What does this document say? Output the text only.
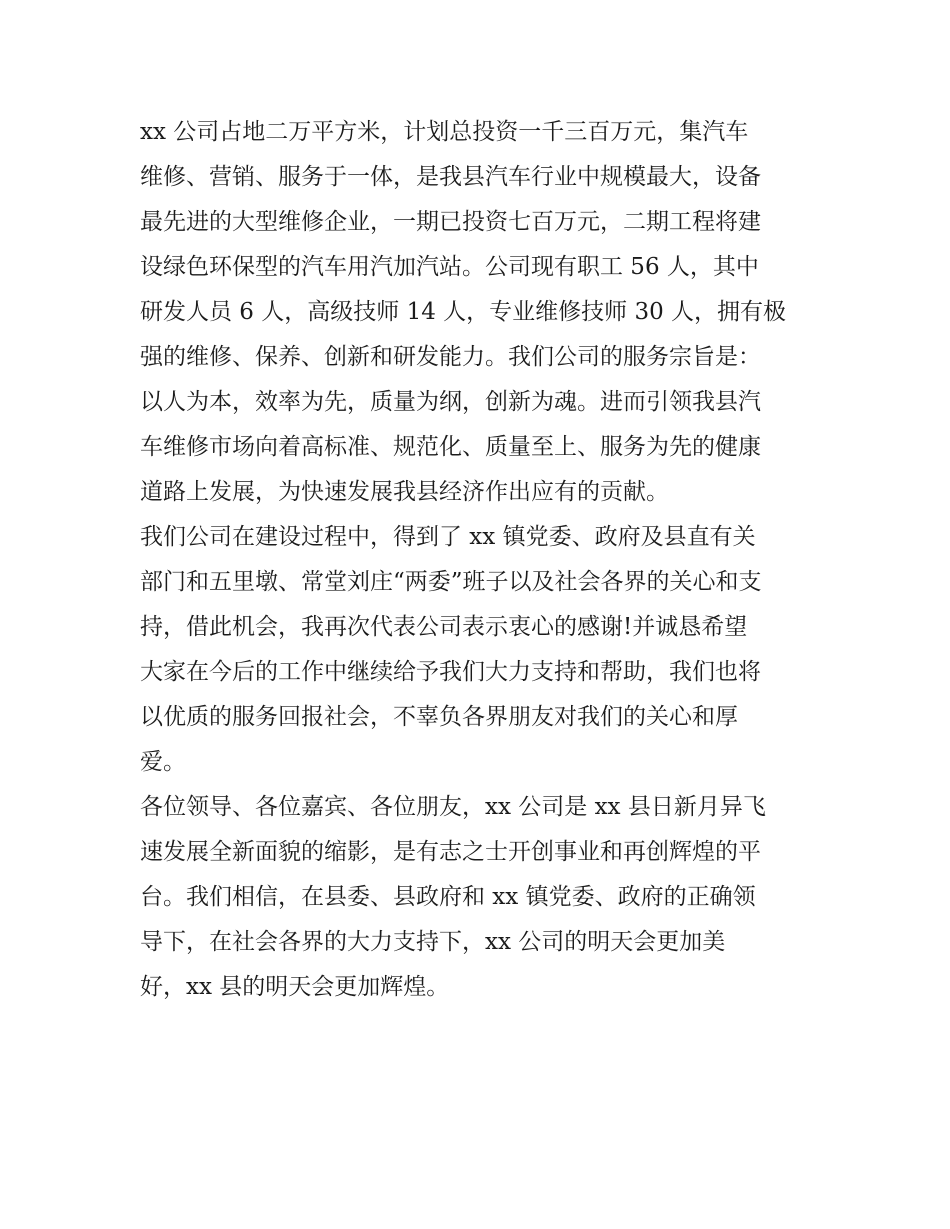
xx 公司占地二万平方米，计划总投资一千三百万元，集汽车
维修、营销、服务于一体，是我县汽车行业中规模最大，设备
最先进的大型维修企业，一期已投资七百万元，二期工程将建
设绿色环保型的汽车用汽加汽站。公司现有职工 56 人，其中
研发人员 6 人，高级技师 14 人，专业维修技师 30 人，拥有极
强的维修、保养、创新和研发能力。我们公司的服务宗旨是：
以人为本，效率为先，质量为纲，创新为魂。进而引领我县汽
车维修市场向着高标准、规范化、质量至上、服务为先的健康
道路上发展，为快速发展我县经济作出应有的贡献。

我们公司在建设过程中，得到了 xx 镇党委、政府及县直有关
部门和五里墩、常堂刘庄“两委”班子以及社会各界的关心和支
持，借此机会，我再次代表公司表示衷心的感谢!并诚恳希望
大家在今后的工作中继续给予我们大力支持和帮助，我们也将
以优质的服务回报社会，不辜负各界朋友对我们的关心和厚
爱。

各位领导、各位嘉宾、各位朋友，xx 公司是 xx 县日新月异飞
速发展全新面貌的缩影，是有志之士开创事业和再创辉煌的平
台。我们相信，在县委、县政府和 xx 镇党委、政府的正确领
导下，在社会各界的大力支持下，xx 公司的明天会更加美
好，xx 县的明天会更加辉煌。
